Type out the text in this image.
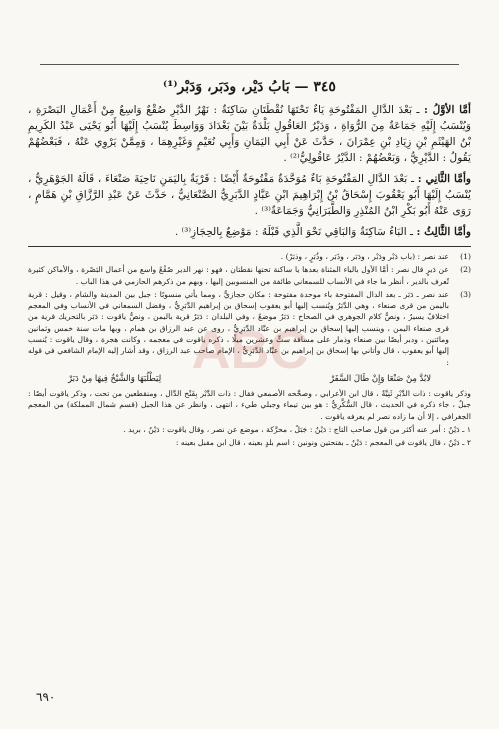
٣٤٥ — بَابُ دَيْر، ودَبَر، وَدَبْر⁽¹⁾

أمَّا الأوَّلُ : ـ بَعْدَ الدَّالِ المَفْتُوحَةِ يَاءٌ تَحْتَهَا نُقْطَتَانِ سَاكِنَةٌ : نَهْرُ الدَّيْرِ صُقْعٌ وَاسِعٌ مِنْ أَعْمَالِ البَصْرَةِ ، وَيُنْسَبُ إِلَيْهِ جَمَاعَةٌ مِنَ الرُّوَاةِ ، وَدَيْرُ العَاقُولِ بَلْدَةٌ بَيْنَ بَغْدَادَ وَوَاسِطَ يُنْسَبُ إِلَيْهَا أَبُو يَحْيَى عَبْدُ الكَرِيمِ بْنُ الهَيْثَمِ بْنِ زِيَادِ بْنِ عِمْرَانَ ، حَدَّثَ عَنْ أَبِي اليَمَانِ وَأَبِي نُعَيْمٍ وَغَيْرِهِمَا ، وَمِمَّنْ يَرْوِي عَنْهُ ، فَبَعْضُهُمْ يَقُولُ : الدَّيْرِيُّ ، وَبَعْضُهُمْ : الدَّيْرُ عَاقُولِيُّ⁽²⁾ .

وأمَّا الثَّانِي : ـ بَعْدَ الدَّالِ المَفْتُوحَةِ بَاءٌ مُوَحَّدَةٌ مَفْتُوحَةٌ أَيْضًا : قَرْيَةٌ بِاليَمَنِ نَاحِيَةَ صَنْعَاءَ ، قَالَهُ الجَوْهَرِيُّ ، يُنْسَبُ إِلَيْهَا أَبُو يَعْقُوبَ إِسْحَاقُ بْنُ إِبْرَاهِيمَ ابْنِ عَبَّادٍ الدَّبَرِيُّ الصَّنْعَانِيُّ ، حَدَّثَ عَنْ عَبْدِ الرَّزَّاقِ بْنِ هَمَّامٍ ، رَوَى عَنْهُ أَبُو بَكْرِ ابْنُ المُنْذِرِ وَالطَّبَرَانِيُّ وَجَمَاعَةٌ⁽³⁾ .

وأمَّا الثَّالِثُ : ـ البَاءُ سَاكِنَةٌ وَالبَاقِي نَحْوَ الَّذِي قَبْلَهُ : مَوْضِعٌ بِالحِجَازِ⁽³⁾ .

(1)
عند نصر : (باب دَبْر ودَبْر ، ودَبَر ، وذَبَر ، وذُبَرٍ ، وذبَرْ) .
(2)
عن دَيرٍ قال نصر : أمَّا الأول بالياء المثناة بعدها يا ساكنة تحتها نقطتان ، فهو : نهر الدير صُقْعٌ واسع من أعمال البَصْرة ، والأماكن كثيرة تُعرف بالدير ، أنظر ما جاء في الأنساب للسمعاني طائفة من المنسوبين إليها ، وبهم من ذكرهم الحازمي في هذا الباب .
(3)
عند نصر ـ دَبَر ـ بعد الدال المفتوحة باء موحدة مفتوحة : مكان حجازيٌّ ، ومما يأتي منسوبًا : جبل بين المدينة والشام ، وقيل : قرية باليمن من قرى صنعاء ، وهي الدَّبَرُ ويُنسب إليها أبو يعقوب إسحاق بن إبراهيم الدَّبَرِيُّ ، وفضل السمعاني في الأنساب وفي المعجم اختلافٌ يسيرٌ ، ونصُّ كلام الجوهري في الصحاح : دَبَرٌ موضعٌ ، وفي البلدان : دَبَرٌ قرية باليمن ، ونصُّ ياقوت : دَبَر بالتحريك قرية من قرى صنعاء اليمن ، وينسب إليها إسحاق بن إبراهيم بن عبَّاد الدَّبَرِيُّ ، روى عن عبد الرزاق بن همام ، وبها مات سنة خمس وثمانين ومائتين ، ودبر أيضًا بين صنعاء وذمار على مسافة ستٍّ وعشرين ميلًا ، ذكره ياقوت في معجمه ، وكانت هجرة ، وقال ياقوت : يُنسب إليها أبو يعقوب ، قال وأتاني بها إسحاق بن إبراهيم بن عبَّاد الدَّبَرِيُّ ، الإمام صاحب عبد الرزاق ، وقد أشار إليه الإمام الشافعي في قوله :
لابُدَّ مِنْ صَنْعَا وَإِنْ طَالَ السَّفَرْ
لِيَطْلُبَهَا وَالشَّيْخُ فِيهَا مِنْ دَبَرْ
وذكر ياقوت : ذات الدَّبْرِ ثَنِيَّةٌ ، قال ابن الأعرابي ، وصحَّحه الأصمعي فقال : ذات الدَّبْر بِفَتْح الدَّال ، ومنقطعين من تحت ، وذكر ياقوت أيضًا : جبلٌ ، جاء ذكره في الحديث ، قال السُّكَّرِيُّ : هو بين تيماء وجبلي طيء ، انتهى ، وانظر عن هذا الجبل (قسم شمال المملكة) من المعجم الجغرافي ، إلا أن ما زاده نصر لم يعرفه ياقوت .
١ ـ دَيْنٌ : أمر عنه أكثر من قول صاحب التاج : دَيْنٌ : جَبَلٌ ، محرَّكة ، موضع عن نصر ، وقال ياقوت : دَيْنٌ ، بريد .
٢ ـ دَيْنٌ ، قال ياقوت في المعجم : دَيْنٌ ـ بفتحتين ونونين : اسم بلدٍ بعينه ، قال ابن مقبل بعينه :
ABC
٦٩٠
